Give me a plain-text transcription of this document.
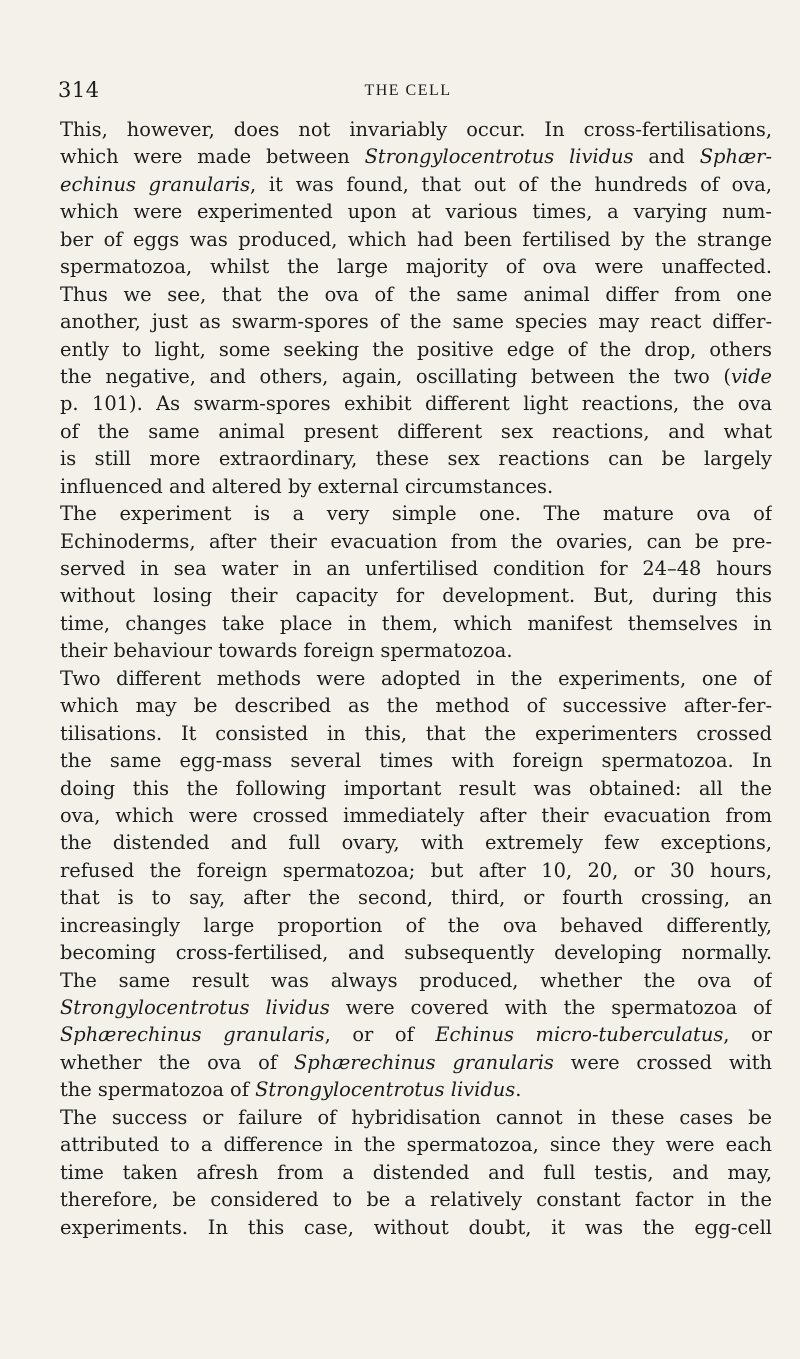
314	THE CELL
This, however, does not invariably occur. In cross-fertilisations,
which were made between Strongylocentrotus lividus and Sphær-
echinus granularis, it was found, that out of the hundreds of ova,
which were experimented upon at various times, a varying num-
ber of eggs was produced, which had been fertilised by the strange
spermatozoa, whilst the large majority of ova were unaffected.
Thus we see, that the ova of the same animal differ from one
another, just as swarm-spores of the same species may react differ-
ently to light, some seeking the positive edge of the drop, others
the negative, and others, again, oscillating between the two (vide
p. 101). As swarm-spores exhibit different light reactions, the ova
of the same animal present different sex reactions, and what
is still more extraordinary, these sex reactions can be largely
influenced and altered by external circumstances.
The experiment is a very simple one. The mature ova of
Echinoderms, after their evacuation from the ovaries, can be pre-
served in sea water in an unfertilised condition for 24–48 hours
without losing their capacity for development. But, during this
time, changes take place in them, which manifest themselves in
their behaviour towards foreign spermatozoa.
Two different methods were adopted in the experiments, one of
which may be described as the method of successive after-fer-
tilisations. It consisted in this, that the experimenters crossed
the same egg-mass several times with foreign spermatozoa. In
doing this the following important result was obtained: all the
ova, which were crossed immediately after their evacuation from
the distended and full ovary, with extremely few exceptions,
refused the foreign spermatozoa; but after 10, 20, or 30 hours,
that is to say, after the second, third, or fourth crossing, an
increasingly large proportion of the ova behaved differently,
becoming cross-fertilised, and subsequently developing normally.
The same result was always produced, whether the ova of
Strongylocentrotus lividus were covered with the spermatozoa of
Sphærechinus granularis, or of Echinus micro-tuberculatus, or
whether the ova of Sphærechinus granularis were crossed with
the spermatozoa of Strongylocentrotus lividus.
The success or failure of hybridisation cannot in these cases be
attributed to a difference in the spermatozoa, since they were each
time taken afresh from a distended and full testis, and may,
therefore, be considered to be a relatively constant factor in the
experiments. In this case, without doubt, it was the egg-cell
